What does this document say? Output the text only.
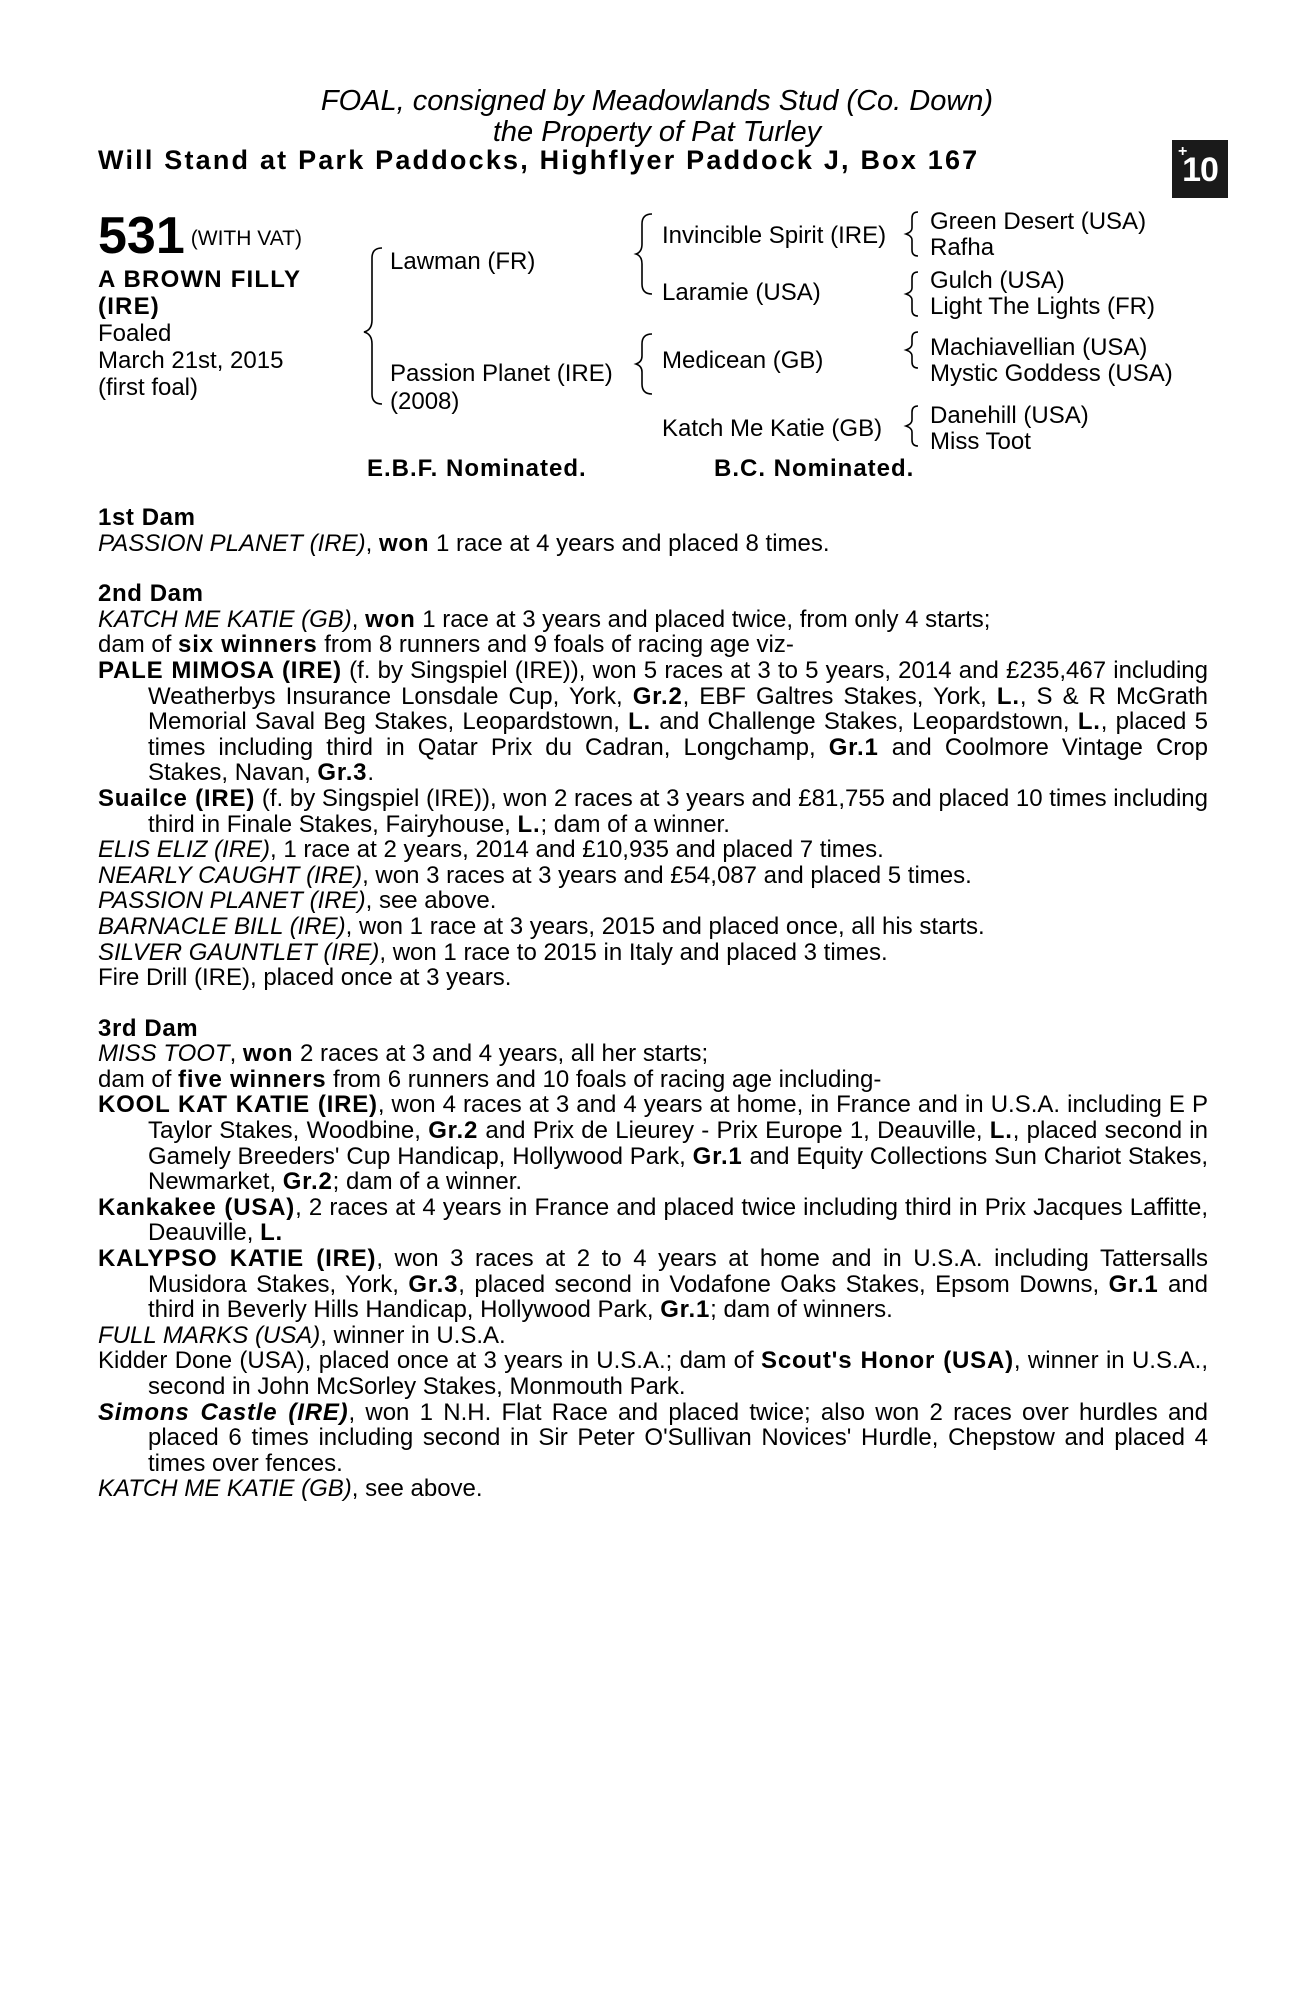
FOAL, consigned by Meadowlands Stud (Co. Down)
the Property of Pat Turley
Will Stand at Park Paddocks, Highflyer Paddock J, Box 167	+
10
531 (WITH VAT)
A BROWN FILLY
(IRE)
Foaled
March 21st, 2015
(first foal)
Lawman (FR)
Passion Planet (IRE)
(2008)
Invincible Spirit (IRE)
Laramie (USA)
Medicean (GB)
Katch Me Katie (GB)
Green Desert (USA)
Rafha
Gulch (USA)
Light The Lights (FR)
Machiavellian (USA)
Mystic Goddess (USA)
Danehill (USA)
Miss Toot
E.B.F. Nominated.	B.C. Nominated.

1st Dam

PASSION PLANET (IRE), won 1 race at 4 years and placed 8 times.

2nd Dam

KATCH ME KATIE (GB), won 1 race at 3 years and placed twice, from only 4 starts;

dam of six winners from 8 runners and 9 foals of racing age viz-

PALE MIMOSA (IRE) (f. by Singspiel (IRE)), won 5 races at 3 to 5 years, 2014 and £235,467 including Weatherbys Insurance Lonsdale Cup, York, Gr.2, EBF Galtres Stakes, York, L., S & R McGrath Memorial Saval Beg Stakes, Leopardstown, L. and Challenge Stakes, Leopardstown, L., placed 5 times including third in Qatar Prix du Cadran, Longchamp, Gr.1 and Coolmore Vintage Crop Stakes, Navan, Gr.3.

Suailce (IRE) (f. by Singspiel (IRE)), won 2 races at 3 years and £81,755 and placed 10 times including third in Finale Stakes, Fairyhouse, L.; dam of a winner.

ELIS ELIZ (IRE), 1 race at 2 years, 2014 and £10,935 and placed 7 times.

NEARLY CAUGHT (IRE), won 3 races at 3 years and £54,087 and placed 5 times.

PASSION PLANET (IRE), see above.

BARNACLE BILL (IRE), won 1 race at 3 years, 2015 and placed once, all his starts.

SILVER GAUNTLET (IRE), won 1 race to 2015 in Italy and placed 3 times.

Fire Drill (IRE), placed once at 3 years.

3rd Dam

MISS TOOT, won 2 races at 3 and 4 years, all her starts;

dam of five winners from 6 runners and 10 foals of racing age including-

KOOL KAT KATIE (IRE), won 4 races at 3 and 4 years at home, in France and in U.S.A. including E P Taylor Stakes, Woodbine, Gr.2 and Prix de Lieurey - Prix Europe 1, Deauville, L., placed second in Gamely Breeders' Cup Handicap, Hollywood Park, Gr.1 and Equity Collections Sun Chariot Stakes, Newmarket, Gr.2; dam of a winner.

Kankakee (USA), 2 races at 4 years in France and placed twice including third in Prix Jacques Laffitte, Deauville, L.

KALYPSO KATIE (IRE), won 3 races at 2 to 4 years at home and in U.S.A. including Tattersalls Musidora Stakes, York, Gr.3, placed second in Vodafone Oaks Stakes, Epsom Downs, Gr.1 and third in Beverly Hills Handicap, Hollywood Park, Gr.1; dam of winners.

FULL MARKS (USA), winner in U.S.A.

Kidder Done (USA), placed once at 3 years in U.S.A.; dam of Scout's Honor (USA), winner in U.S.A., second in John McSorley Stakes, Monmouth Park.

Simons Castle (IRE), won 1 N.H. Flat Race and placed twice; also won 2 races over hurdles and placed 6 times including second in Sir Peter O'Sullivan Novices' Hurdle, Chepstow and placed 4 times over fences.

KATCH ME KATIE (GB), see above.
